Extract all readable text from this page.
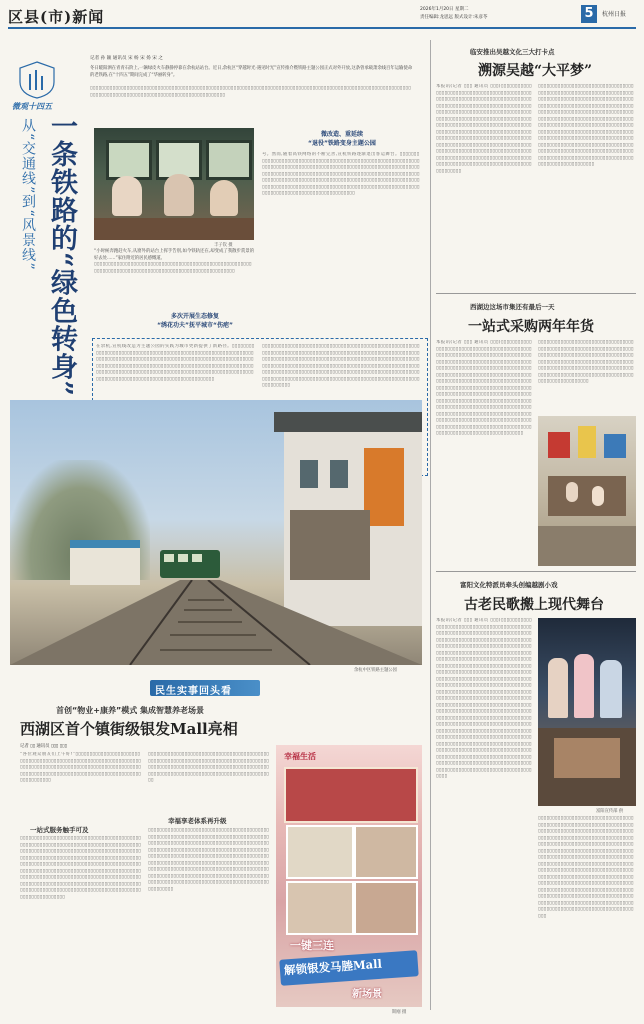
区县(市)新闻	2026年1月20日 星期二
责任编辑:龙思远 版式设计:朱彦苓	5	杭州日报
微观十四五
记者 孙 颖 通讯员 宋 杨 宋 扬 宋 之
冬日暖阳洒在青青石阶上,一辆绿皮火车静静停靠在余杭站站台。近日,余杭区“穿越时光·遇见时光”宣传推介暨铁路主题公园正式对外开放,这条曾承载萧余线百年运输使命的老铁路,在“十四五”期间完成了“华丽转身”。
▯▯▯▯▯▯▯▯▯▯▯▯▯▯▯▯▯▯▯▯▯▯▯▯▯▯▯▯▯▯▯▯▯▯▯▯▯▯▯▯▯▯▯▯▯▯▯▯▯▯▯▯▯▯▯▯▯▯▯▯▯▯▯▯▯▯▯▯▯▯▯▯▯▯▯▯▯▯▯▯▯▯▯▯▯▯▯▯▯▯▯▯▯▯▯▯▯▯▯▯▯▯▯▯▯▯▯▯▯▯▯▯▯▯▯▯▯▯▯▯▯▯▯▯▯▯▯▯▯▯▯▯▯▯▯▯▯▯▯▯▯▯▯▯▯▯▯▯▯▯▯▯▯▯▯▯▯▯▯▯▯▯
从“交通线”到“风景线” 一条铁路的“绿色转身”	丰子钦 摄
“小时候奔跑赶火车,从窗外的站台上挥手告别,如今铁轨还在,却变成了我散步赏景的好去处……”家住附近的居民感慨道。
▯▯▯▯▯▯▯▯▯▯▯▯▯▯▯▯▯▯▯▯▯▯▯▯▯▯▯▯▯▯▯▯▯▯▯▯▯▯▯▯▯▯▯▯▯▯▯▯▯▯▯▯▯▯▯▯▯▯▯▯▯▯▯▯▯▯▯▯▯▯▯▯▯▯▯▯▯▯▯▯▯▯▯▯▯▯▯▯▯▯▯▯▯▯▯▯▯▯▯▯▯▯▯▯▯▯
多次开展生态修复
“绣花功夫”抚平城市“伤疤”
在余杭,宣杭线改造为主题公园的实践为城市更新提供了新路径。▯▯▯▯▯▯▯▯▯▯▯▯▯▯▯▯▯▯▯▯▯▯▯▯▯▯▯▯▯▯▯▯▯▯▯▯▯▯▯▯▯▯▯▯▯▯▯▯▯▯▯▯▯▯▯▯▯▯▯▯▯▯▯▯▯▯▯▯▯▯▯▯▯▯▯▯▯▯▯▯▯▯▯▯▯▯▯▯▯▯▯▯▯▯▯▯▯▯▯▯▯▯▯▯▯▯▯▯▯▯▯▯▯▯▯▯▯▯▯▯▯▯▯▯▯▯▯▯▯▯▯▯▯▯▯▯▯▯▯▯▯▯▯▯▯▯▯▯▯▯▯▯▯▯▯▯▯▯▯▯▯▯▯▯▯▯▯▯▯▯▯▯▯▯▯▯▯▯▯▯▯▯▯▯▯▯▯▯▯▯▯▯▯▯▯▯▯▯▯▯▯▯▯▯▯▯▯▯▯▯▯▯▯▯▯▯▯▯▯▯▯▯▯▯▯▯▯▯▯▯▯▯▯▯▯▯▯▯▯▯▯▯▯▯▯▯▯▯▯▯▯▯▯▯▯▯▯▯▯▯▯▯▯▯▯▯▯▯▯▯▯▯▯▯
▯▯▯▯▯▯▯▯▯▯▯▯▯▯▯▯▯▯▯▯▯▯▯▯▯▯▯▯▯▯▯▯▯▯▯▯▯▯▯▯▯▯▯▯▯▯▯▯▯▯▯▯▯▯▯▯▯▯▯▯▯▯▯▯▯▯▯▯▯▯▯▯▯▯▯▯▯▯▯▯▯▯▯▯▯▯▯▯▯▯▯▯▯▯▯▯▯▯▯▯▯▯▯▯▯▯▯▯▯▯▯▯▯▯▯▯▯▯▯▯▯▯▯▯▯▯▯▯▯▯▯▯▯▯▯▯▯▯▯▯▯▯▯▯▯▯▯▯▯▯▯▯▯▯▯▯▯▯▯▯▯▯▯▯▯▯▯▯▯▯▯▯▯▯▯▯▯▯▯▯▯▯▯▯▯▯▯▯▯▯▯▯▯▯▯▯▯▯▯▯▯▯▯▯▯▯▯▯▯▯▯▯▯▯▯▯▯▯▯▯▯▯▯▯▯▯▯▯▯▯▯▯▯▯▯▯▯▯▯▯▯▯▯▯▯▯▯▯▯▯▯▯▯▯▯▯▯▯▯▯▯▯▯▯▯▯▯▯▯▯▯▯▯▯▯▯▯▯▯▯▯▯▯▯▯▯▯▯▯▯▯▯▯▯▯▯▯▯▯▯▯▯▯▯▯▯▯▯▯▯▯▯▯▯▯▯▯▯▯▯▯▯▯▯▯▯▯▯▯▯▯▯▯▯▯▯▯▯▯▯▯▯▯▯▯▯
微改造、重延续
“退役”铁路变身主题公园
号。然而,随着高铁网络的不断完善,宣杭铁路逐渐退出客运舞台。▯▯▯▯▯▯▯▯▯▯▯▯▯▯▯▯▯▯▯▯▯▯▯▯▯▯▯▯▯▯▯▯▯▯▯▯▯▯▯▯▯▯▯▯▯▯▯▯▯▯▯▯▯▯▯▯▯▯▯▯▯▯▯▯▯▯▯▯▯▯▯▯▯▯▯▯▯▯▯▯▯▯▯▯▯▯▯▯▯▯▯▯▯▯▯▯▯▯▯▯▯▯▯▯▯▯▯▯▯▯▯▯▯▯▯▯▯▯▯▯▯▯▯▯▯▯▯▯▯▯▯▯▯▯▯▯▯▯▯▯▯▯▯▯▯▯▯▯▯▯▯▯▯▯▯▯▯▯▯▯▯▯▯▯▯▯▯▯▯▯▯▯▯▯▯▯▯▯▯▯▯▯▯▯▯▯▯▯▯▯▯▯▯▯▯▯▯▯▯▯▯▯▯▯▯▯▯▯▯▯▯▯▯▯▯▯▯▯▯▯▯▯▯▯▯▯▯▯▯▯▯▯▯▯▯▯▯▯▯▯▯▯▯▯▯▯▯▯▯▯▯▯▯▯▯▯▯▯▯▯▯▯▯▯▯▯▯▯▯▯▯▯▯▯▯▯▯▯▯▯▯▯▯▯▯▯▯▯▯▯▯▯▯▯▯▯▯▯▯▯▯▯▯▯▯▯▯▯▯▯▯▯▯▯▯▯▯▯▯▯
余杭中区铁路主题公园
民生实事回头看
首创“物业+康养”模式 集成智慧养老场景
西湖区首个镇街级银发Mall亮相
记者 ▯▯ 通讯员 ▯▯▯ ▯▯▯
“各位观众朋友们上午好!”▯▯▯▯▯▯▯▯▯▯▯▯▯▯▯▯▯▯▯▯▯▯▯▯▯▯▯▯▯▯▯▯▯▯▯▯▯▯▯▯▯▯▯▯▯▯▯▯▯▯▯▯▯▯▯▯▯▯▯▯▯▯▯▯▯▯▯▯▯▯▯▯▯▯▯▯▯▯▯▯▯▯▯▯▯▯▯▯▯▯▯▯▯▯▯▯▯▯▯▯▯▯▯▯▯▯▯▯▯▯▯▯▯▯▯▯▯▯▯▯▯▯▯▯▯▯▯▯▯▯▯▯▯▯▯▯▯▯▯▯▯▯▯▯▯▯▯▯▯▯▯▯▯▯▯▯▯▯▯▯▯▯▯
一站式服务触手可及
▯▯▯▯▯▯▯▯▯▯▯▯▯▯▯▯▯▯▯▯▯▯▯▯▯▯▯▯▯▯▯▯▯▯▯▯▯▯▯▯▯▯▯▯▯▯▯▯▯▯▯▯▯▯▯▯▯▯▯▯▯▯▯▯▯▯▯▯▯▯▯▯▯▯▯▯▯▯▯▯▯▯▯▯▯▯▯▯▯▯▯▯▯▯▯▯▯▯▯▯▯▯▯▯▯▯▯▯▯▯▯▯▯▯▯▯▯▯▯▯▯▯▯▯▯▯▯▯▯▯▯▯▯▯▯▯▯▯▯▯▯▯▯▯▯▯▯▯▯▯▯▯▯▯▯▯▯▯▯▯▯▯▯▯▯▯▯▯▯▯▯▯▯▯▯▯▯▯▯▯▯▯▯▯▯▯▯▯▯▯▯▯▯▯▯▯▯▯▯▯▯▯▯▯▯▯▯▯▯▯▯▯▯▯▯▯▯▯▯▯▯▯▯▯▯▯▯▯▯▯▯▯▯▯▯▯▯▯▯▯▯▯▯▯▯▯▯▯▯▯▯▯▯▯▯▯▯▯▯▯▯▯▯▯▯▯▯▯▯▯▯▯▯▯▯▯▯▯▯▯▯▯▯▯▯▯▯▯▯▯▯▯▯▯▯▯▯▯▯▯▯▯▯▯▯▯▯▯▯▯▯▯▯▯▯▯▯▯▯▯▯▯▯▯▯▯▯▯▯▯▯▯▯▯▯▯▯▯▯▯▯▯▯▯▯▯▯▯▯▯▯▯▯▯▯▯▯▯▯▯▯▯▯▯▯▯▯▯▯▯▯▯▯▯▯▯▯▯▯▯▯▯▯▯▯▯▯▯▯▯▯▯▯▯▯▯▯▯▯▯▯▯▯
▯▯▯▯▯▯▯▯▯▯▯▯▯▯▯▯▯▯▯▯▯▯▯▯▯▯▯▯▯▯▯▯▯▯▯▯▯▯▯▯▯▯▯▯▯▯▯▯▯▯▯▯▯▯▯▯▯▯▯▯▯▯▯▯▯▯▯▯▯▯▯▯▯▯▯▯▯▯▯▯▯▯▯▯▯▯▯▯▯▯▯▯▯▯▯▯▯▯▯▯▯▯▯▯▯▯▯▯▯▯▯▯▯▯▯▯▯▯▯▯▯▯▯▯▯▯▯▯▯▯▯▯▯▯▯▯▯▯▯▯▯▯▯▯▯▯▯▯▯▯▯▯▯▯▯▯▯▯▯▯▯▯▯▯▯▯▯▯▯▯▯▯▯▯
幸福享老体系再升级
▯▯▯▯▯▯▯▯▯▯▯▯▯▯▯▯▯▯▯▯▯▯▯▯▯▯▯▯▯▯▯▯▯▯▯▯▯▯▯▯▯▯▯▯▯▯▯▯▯▯▯▯▯▯▯▯▯▯▯▯▯▯▯▯▯▯▯▯▯▯▯▯▯▯▯▯▯▯▯▯▯▯▯▯▯▯▯▯▯▯▯▯▯▯▯▯▯▯▯▯▯▯▯▯▯▯▯▯▯▯▯▯▯▯▯▯▯▯▯▯▯▯▯▯▯▯▯▯▯▯▯▯▯▯▯▯▯▯▯▯▯▯▯▯▯▯▯▯▯▯▯▯▯▯▯▯▯▯▯▯▯▯▯▯▯▯▯▯▯▯▯▯▯▯▯▯▯▯▯▯▯▯▯▯▯▯▯▯▯▯▯▯▯▯▯▯▯▯▯▯▯▯▯▯▯▯▯▯▯▯▯▯▯▯▯▯▯▯▯▯▯▯▯▯▯▯▯▯▯▯▯▯▯▯▯▯▯▯▯▯▯▯▯▯▯▯▯▯▯▯▯▯▯▯▯▯▯▯▯▯▯▯▯▯▯▯▯▯▯▯▯▯▯▯▯▯▯▯▯▯▯▯▯▯▯▯▯▯▯▯▯▯▯▯▯▯▯▯▯▯▯▯▯▯▯▯▯▯▯▯▯▯▯▯▯▯▯▯▯▯▯▯▯▯▯▯▯▯▯▯▯▯▯▯▯▯▯▯▯▯▯▯▯▯▯▯▯▯▯▯▯▯▯▯▯▯▯▯▯▯▯▯▯▯▯▯▯▯▯▯▯▯▯▯▯▯▯▯▯▯▯▯▯▯▯▯▯▯▯▯▯▯▯▯▯▯
幸福生活
一键三连
解锁银发马塍Mall
新场景
斯刚 摄
临安推出吴越文化三大打卡点
溯源吴越“大平梦”
本报讯(记者 ▯▯▯ 通讯员 ▯▯▯)▯▯▯▯▯▯▯▯▯▯▯▯▯▯▯▯▯▯▯▯▯▯▯▯▯▯▯▯▯▯▯▯▯▯▯▯▯▯▯▯▯▯▯▯▯▯▯▯▯▯▯▯▯▯▯▯▯▯▯▯▯▯▯▯▯▯▯▯▯▯▯▯▯▯▯▯▯▯▯▯▯▯▯▯▯▯▯▯▯▯▯▯▯▯▯▯▯▯▯▯▯▯▯▯▯▯▯▯▯▯▯▯▯▯▯▯▯▯▯▯▯▯▯▯▯▯▯▯▯▯▯▯▯▯▯▯▯▯▯▯▯▯▯▯▯▯▯▯▯▯▯▯▯▯▯▯▯▯▯▯▯▯▯▯▯▯▯▯▯▯▯▯▯▯▯▯▯▯▯▯▯▯▯▯▯▯▯▯▯▯▯▯▯▯▯▯▯▯▯▯▯▯▯▯▯▯▯▯▯▯▯▯▯▯▯▯▯▯▯▯▯▯▯▯▯▯▯▯▯▯▯▯▯▯▯▯▯▯▯▯▯▯▯▯▯▯▯▯▯▯▯▯▯▯▯▯▯▯▯▯▯▯▯▯▯▯▯▯▯▯▯▯▯▯▯▯▯▯▯▯▯▯▯▯▯▯▯▯▯▯▯▯▯▯▯▯▯▯▯▯▯▯▯▯▯▯▯▯▯▯▯▯▯▯▯▯▯▯▯▯▯▯▯▯▯▯▯▯▯▯▯▯▯▯▯▯▯▯▯▯▯▯▯▯▯▯▯▯▯▯▯▯▯▯▯▯▯▯▯▯▯▯▯▯▯▯▯▯▯▯▯▯▯▯▯▯▯▯▯▯▯▯▯▯▯▯▯▯▯▯▯▯▯▯▯▯▯▯▯▯▯▯▯▯▯▯▯▯▯▯▯▯▯▯▯▯▯▯▯▯▯▯▯▯▯▯▯▯
▯▯▯▯▯▯▯▯▯▯▯▯▯▯▯▯▯▯▯▯▯▯▯▯▯▯▯▯▯▯▯▯▯▯▯▯▯▯▯▯▯▯▯▯▯▯▯▯▯▯▯▯▯▯▯▯▯▯▯▯▯▯▯▯▯▯▯▯▯▯▯▯▯▯▯▯▯▯▯▯▯▯▯▯▯▯▯▯▯▯▯▯▯▯▯▯▯▯▯▯▯▯▯▯▯▯▯▯▯▯▯▯▯▯▯▯▯▯▯▯▯▯▯▯▯▯▯▯▯▯▯▯▯▯▯▯▯▯▯▯▯▯▯▯▯▯▯▯▯▯▯▯▯▯▯▯▯▯▯▯▯▯▯▯▯▯▯▯▯▯▯▯▯▯▯▯▯▯▯▯▯▯▯▯▯▯▯▯▯▯▯▯▯▯▯▯▯▯▯▯▯▯▯▯▯▯▯▯▯▯▯▯▯▯▯▯▯▯▯▯▯▯▯▯▯▯▯▯▯▯▯▯▯▯▯▯▯▯▯▯▯▯▯▯▯▯▯▯▯▯▯▯▯▯▯▯▯▯▯▯▯▯▯▯▯▯▯▯▯▯▯▯▯▯▯▯▯▯▯▯▯▯▯▯▯▯▯▯▯▯▯▯▯▯▯▯▯▯▯▯▯▯▯▯▯▯▯▯▯▯▯▯▯▯▯▯▯▯▯▯▯▯▯▯▯▯▯▯▯▯▯▯▯▯▯▯▯▯▯▯▯▯▯▯▯▯▯▯▯▯▯▯▯▯▯▯▯▯▯▯▯▯▯▯▯▯▯▯▯▯▯▯▯▯▯▯▯▯▯▯▯▯▯▯▯▯▯▯▯▯▯▯▯▯▯▯▯▯▯▯▯▯▯▯▯▯▯▯▯▯▯▯▯▯▯▯▯▯▯▯▯▯▯▯▯▯▯▯
西湖边这场市集还有最后一天
一站式采购两年年货
本报讯(记者 ▯▯▯ 通讯员 ▯▯▯)▯▯▯▯▯▯▯▯▯▯▯▯▯▯▯▯▯▯▯▯▯▯▯▯▯▯▯▯▯▯▯▯▯▯▯▯▯▯▯▯▯▯▯▯▯▯▯▯▯▯▯▯▯▯▯▯▯▯▯▯▯▯▯▯▯▯▯▯▯▯▯▯▯▯▯▯▯▯▯▯▯▯▯▯▯▯▯▯▯▯▯▯▯▯▯▯▯▯▯▯▯▯▯▯▯▯▯▯▯▯▯▯▯▯▯▯▯▯▯▯▯▯▯▯▯▯▯▯▯▯▯▯▯▯▯▯▯▯▯▯▯▯▯▯▯▯▯▯▯▯▯▯▯▯▯▯▯▯▯▯▯▯▯▯▯▯▯▯▯▯▯▯▯▯▯▯▯▯▯▯▯▯▯▯▯▯▯▯▯▯▯▯▯▯▯▯▯▯▯▯▯▯▯▯▯▯▯▯▯▯▯▯▯▯▯▯▯▯▯▯▯▯▯▯▯▯▯▯▯▯▯▯▯▯▯▯▯▯▯▯▯▯▯▯▯▯▯▯▯▯▯▯▯▯▯▯▯▯▯▯▯▯▯▯▯▯▯▯▯▯▯▯▯▯▯▯▯▯▯▯▯▯▯▯▯▯▯▯▯▯▯▯▯▯▯▯▯▯▯▯▯▯▯▯▯▯▯▯▯▯▯▯▯▯▯▯▯▯▯▯▯▯▯▯▯▯▯▯▯▯▯▯▯▯▯▯▯▯▯▯▯▯▯▯▯▯▯▯▯▯▯▯▯▯▯▯▯▯▯▯▯▯▯▯▯▯▯▯▯▯▯▯▯▯▯▯▯▯▯▯▯▯▯▯▯▯▯▯▯▯▯▯▯▯▯▯▯▯▯▯▯▯▯▯▯▯▯▯▯▯▯▯▯▯▯▯▯▯▯▯▯▯▯▯▯▯▯▯▯▯▯▯▯▯▯▯▯▯▯▯▯▯▯▯▯▯▯▯▯▯▯▯▯▯▯▯▯▯▯▯▯▯▯▯▯▯▯▯▯▯▯▯▯▯▯▯▯▯▯▯▯▯▯▯
▯▯▯▯▯▯▯▯▯▯▯▯▯▯▯▯▯▯▯▯▯▯▯▯▯▯▯▯▯▯▯▯▯▯▯▯▯▯▯▯▯▯▯▯▯▯▯▯▯▯▯▯▯▯▯▯▯▯▯▯▯▯▯▯▯▯▯▯▯▯▯▯▯▯▯▯▯▯▯▯▯▯▯▯▯▯▯▯▯▯▯▯▯▯▯▯▯▯▯▯▯▯▯▯▯▯▯▯▯▯▯▯▯▯▯▯▯▯▯▯▯▯▯▯▯▯▯▯▯▯▯▯▯▯▯▯▯▯▯▯▯▯▯▯▯▯▯▯▯▯▯▯▯▯▯▯▯▯▯▯▯▯▯▯▯▯▯▯▯▯▯▯▯▯▯▯▯▯▯▯▯▯▯▯▯▯▯▯▯▯▯▯▯▯▯▯▯▯▯▯▯▯▯▯▯▯▯▯▯▯▯▯▯▯▯▯▯▯▯▯▯▯
富阳文化特派员牵头创编越剧小戏
古老民歌搬上现代舞台
本报讯(记者 ▯▯▯ 通讯员 ▯▯▯)▯▯▯▯▯▯▯▯▯▯▯▯▯▯▯▯▯▯▯▯▯▯▯▯▯▯▯▯▯▯▯▯▯▯▯▯▯▯▯▯▯▯▯▯▯▯▯▯▯▯▯▯▯▯▯▯▯▯▯▯▯▯▯▯▯▯▯▯▯▯▯▯▯▯▯▯▯▯▯▯▯▯▯▯▯▯▯▯▯▯▯▯▯▯▯▯▯▯▯▯▯▯▯▯▯▯▯▯▯▯▯▯▯▯▯▯▯▯▯▯▯▯▯▯▯▯▯▯▯▯▯▯▯▯▯▯▯▯▯▯▯▯▯▯▯▯▯▯▯▯▯▯▯▯▯▯▯▯▯▯▯▯▯▯▯▯▯▯▯▯▯▯▯▯▯▯▯▯▯▯▯▯▯▯▯▯▯▯▯▯▯▯▯▯▯▯▯▯▯▯▯▯▯▯▯▯▯▯▯▯▯▯▯▯▯▯▯▯▯▯▯▯▯▯▯▯▯▯▯▯▯▯▯▯▯▯▯▯▯▯▯▯▯▯▯▯▯▯▯▯▯▯▯▯▯▯▯▯▯▯▯▯▯▯▯▯▯▯▯▯▯▯▯▯▯▯▯▯▯▯▯▯▯▯▯▯▯▯▯▯▯▯▯▯▯▯▯▯▯▯▯▯▯▯▯▯▯▯▯▯▯▯▯▯▯▯▯▯▯▯▯▯▯▯▯▯▯▯▯▯▯▯▯▯▯▯▯▯▯▯▯▯▯▯▯▯▯▯▯▯▯▯▯▯▯▯▯▯▯▯▯▯▯▯▯▯▯▯▯▯▯▯▯▯▯▯▯▯▯▯▯▯▯▯▯▯▯▯▯▯▯▯▯▯▯▯▯▯▯▯▯▯▯▯▯▯▯▯▯▯▯▯▯▯▯▯▯▯▯▯▯▯▯▯▯▯▯▯▯▯▯▯▯▯▯▯▯▯▯▯▯▯▯▯▯▯▯▯▯▯▯▯▯▯▯▯▯▯▯▯▯▯▯▯▯▯▯▯▯▯▯▯▯▯▯▯▯▯▯▯▯▯▯▯▯▯▯▯▯▯▯▯▯▯▯▯▯▯▯▯▯▯▯▯▯▯▯▯▯▯▯▯▯▯▯▯▯▯▯▯▯▯▯▯▯▯▯▯▯▯▯▯▯▯▯▯▯▯▯▯▯▯▯▯▯▯▯▯▯▯▯▯▯▯▯▯▯▯▯▯▯▯▯▯▯▯▯▯▯▯▯▯▯▯▯▯▯▯▯▯▯▯▯▯▯▯▯▯▯▯▯▯▯▯▯▯▯▯▯▯▯▯▯▯▯▯▯▯▯▯▯▯▯▯▯▯▯▯▯▯▯▯▯▯▯▯▯▯▯▯▯▯▯▯▯▯▯▯▯▯▯▯▯▯▯▯▯▯▯▯▯▯▯▯▯▯▯▯▯▯▯▯▯▯▯▯▯▯▯▯▯▯▯▯▯▯▯▯▯▯▯▯▯▯▯▯▯▯▯▯▯▯▯▯▯▯▯▯▯▯▯▯▯▯▯▯▯▯▯▯▯▯▯▯▯▯▯▯▯▯▯▯▯▯▯▯▯▯▯▯▯▯▯▯▯▯▯▯▯▯▯▯▯▯▯▯▯▯▯▯▯▯▯▯▯▯▯▯▯▯▯▯▯▯▯▯▯▯▯▯▯▯▯▯▯▯▯▯▯▯▯▯▯▯▯▯▯▯▯▯▯▯▯▯▯▯▯
富阳宣传部 供
▯▯▯▯▯▯▯▯▯▯▯▯▯▯▯▯▯▯▯▯▯▯▯▯▯▯▯▯▯▯▯▯▯▯▯▯▯▯▯▯▯▯▯▯▯▯▯▯▯▯▯▯▯▯▯▯▯▯▯▯▯▯▯▯▯▯▯▯▯▯▯▯▯▯▯▯▯▯▯▯▯▯▯▯▯▯▯▯▯▯▯▯▯▯▯▯▯▯▯▯▯▯▯▯▯▯▯▯▯▯▯▯▯▯▯▯▯▯▯▯▯▯▯▯▯▯▯▯▯▯▯▯▯▯▯▯▯▯▯▯▯▯▯▯▯▯▯▯▯▯▯▯▯▯▯▯▯▯▯▯▯▯▯▯▯▯▯▯▯▯▯▯▯▯▯▯▯▯▯▯▯▯▯▯▯▯▯▯▯▯▯▯▯▯▯▯▯▯▯▯▯▯▯▯▯▯▯▯▯▯▯▯▯▯▯▯▯▯▯▯▯▯▯▯▯▯▯▯▯▯▯▯▯▯▯▯▯▯▯▯▯▯▯▯▯▯▯▯▯▯▯▯▯▯▯▯▯▯▯▯▯▯▯▯▯▯▯▯▯▯▯▯▯▯▯▯▯▯▯▯▯▯▯▯▯▯▯▯▯▯▯▯▯▯▯▯▯▯▯▯▯▯▯▯▯▯▯▯▯▯▯▯▯▯▯▯▯▯▯▯▯▯▯▯▯▯▯▯▯▯▯▯▯▯▯▯▯▯▯▯▯▯▯▯▯▯▯▯▯▯▯▯▯▯▯▯▯▯▯▯▯▯▯▯▯▯▯▯▯▯▯▯▯▯▯▯▯▯▯▯▯▯▯▯▯▯▯▯▯▯▯▯▯▯▯▯▯▯▯▯▯▯▯▯▯▯▯▯▯▯▯▯▯▯▯▯▯▯▯▯▯▯▯▯▯▯▯▯▯▯▯▯▯▯▯▯▯▯▯▯▯▯▯▯▯▯▯▯▯▯▯▯▯▯▯▯▯▯▯▯▯▯▯▯▯▯▯▯▯▯▯▯▯▯▯▯▯▯▯▯▯▯▯▯▯▯▯▯▯▯▯▯▯▯▯▯▯▯▯▯▯▯▯▯▯▯▯▯▯▯▯▯▯
